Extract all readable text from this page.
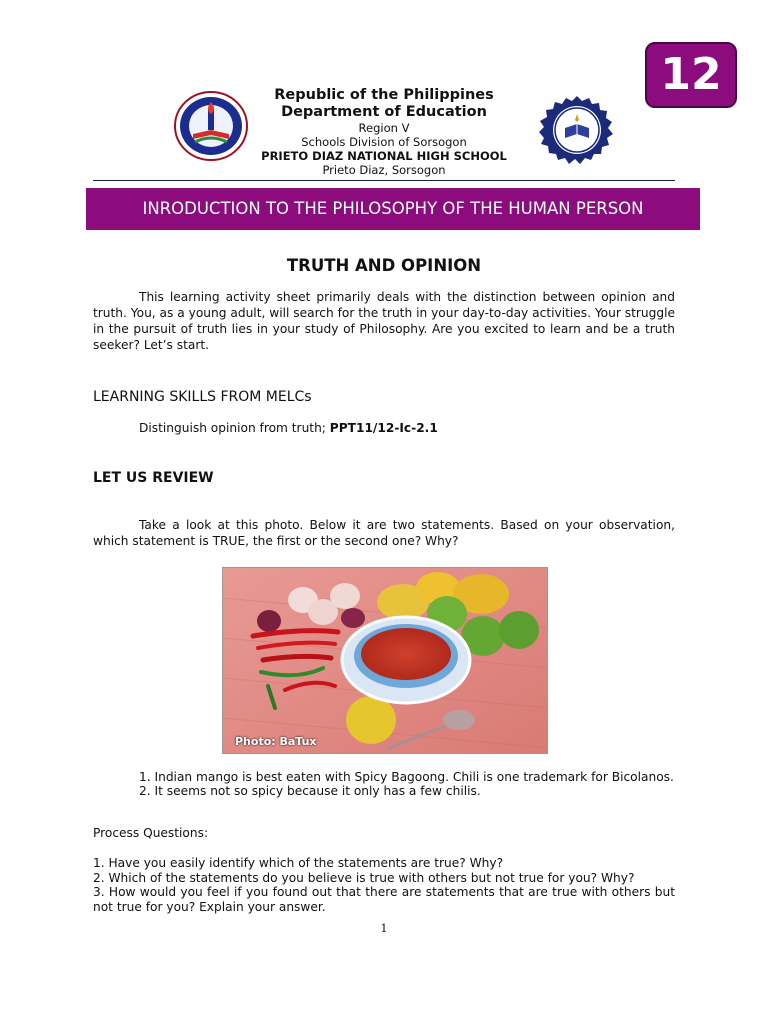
12
Republic of the Philippines
Department of Education
Region V
Schools Division of Sorsogon
PRIETO DIAZ NATIONAL HIGH SCHOOL
Prieto Diaz, Sorsogon
INRODUCTION TO THE PHILOSOPHY OF THE HUMAN PERSON
TRUTH AND OPINION
This learning activity sheet primarily deals with the distinction between opinion and truth. You, as a young adult, will search for the truth in your day-to-day activities. Your struggle in the pursuit of truth lies in your study of Philosophy. Are you excited to learn and be a truth seeker? Let’s start.
LEARNING SKILLS FROM MELCs
Distinguish opinion from truth; PPT11/12-Ic-2.1
LET US REVIEW
Take a look at this photo. Below it are two statements. Based on your observation, which statement is TRUE, the first or the second one? Why?
Photo: BaTux
1. Indian mango is best eaten with Spicy Bagoong. Chili is one trademark for Bicolanos.
2. It seems not so spicy because it only has a few chilis.
Process Questions:
1. Have you easily identify which of the statements are true? Why?
2. Which of the statements do you believe is true with others but not true for you? Why?
3. How would you feel if you found out that there are statements that are true with others but not true for you? Explain your answer.
1
